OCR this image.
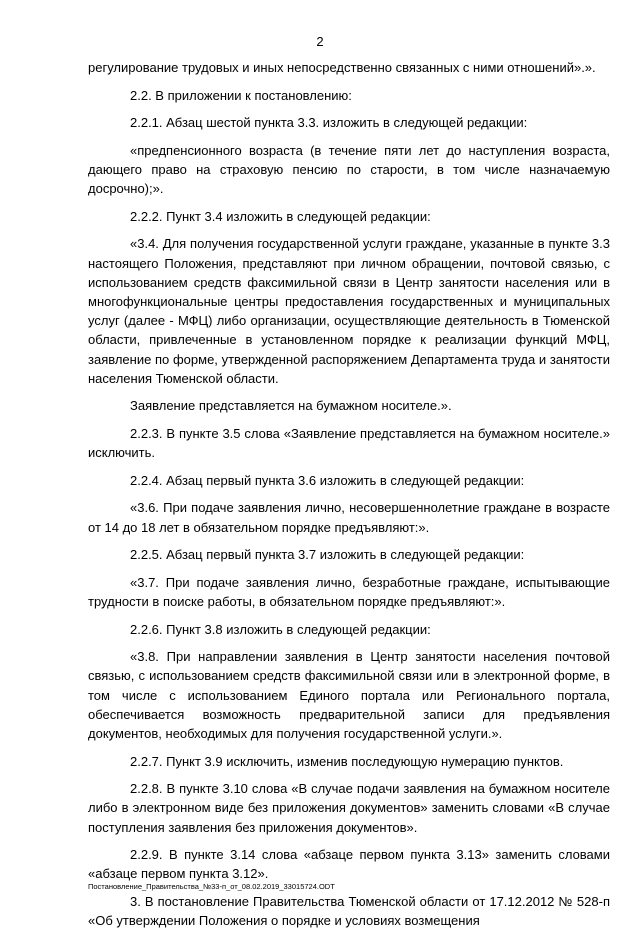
2

регулирование трудовых и иных непосредственно связанных с ними отношений».».

2.2. В приложении к постановлению:

2.2.1. Абзац шестой пункта 3.3. изложить в следующей редакции:

«предпенсионного возраста (в течение пяти лет до наступления возраста, дающего право на страховую пенсию по старости, в том числе назначаемую досрочно);».

2.2.2. Пункт 3.4 изложить в следующей редакции:

«3.4. Для получения государственной услуги граждане, указанные в пункте 3.3 настоящего Положения, представляют при личном обращении, почтовой связью, с использованием средств факсимильной связи в Центр занятости населения или в многофункциональные центры предоставления государственных и муниципальных услуг (далее - МФЦ) либо организации, осуществляющие деятельность в Тюменской области, привлеченные в установленном порядке к реализации функций МФЦ, заявление по форме, утвержденной распоряжением Департамента труда и занятости населения Тюменской области.

Заявление представляется на бумажном носителе.».

2.2.3. В пункте 3.5 слова «Заявление представляется на бумажном носителе.» исключить.

2.2.4. Абзац первый пункта 3.6 изложить в следующей редакции:

«3.6. При подаче заявления лично, несовершеннолетние граждане в возрасте от 14 до 18 лет в обязательном порядке предъявляют:».

2.2.5. Абзац первый пункта 3.7 изложить в следующей редакции:

«3.7. При подаче заявления лично, безработные граждане, испытывающие трудности в поиске работы, в обязательном порядке предъявляют:».

2.2.6. Пункт 3.8 изложить в следующей редакции:

«3.8. При направлении заявления в Центр занятости населения почтовой связью, с использованием средств факсимильной связи или в электронной форме, в том числе с использованием Единого портала или Регионального портала, обеспечивается возможность предварительной записи для предъявления документов, необходимых для получения государственной услуги.».

2.2.7. Пункт 3.9 исключить, изменив последующую нумерацию пунктов.

2.2.8. В пункте 3.10 слова «В случае подачи заявления на бумажном носителе либо в электронном виде без приложения документов» заменить словами «В случае поступления заявления без приложения документов».

2.2.9. В пункте 3.14 слова «абзаце первом пункта 3.13» заменить словами «абзаце первом пункта 3.12».

3. В постановление Правительства Тюменской области от 17.12.2012 № 528-п «Об утверждении Положения о порядке и условиях возмещения

Постановление_Правительства_№33-п_от_08.02.2019_33015724.ODT
